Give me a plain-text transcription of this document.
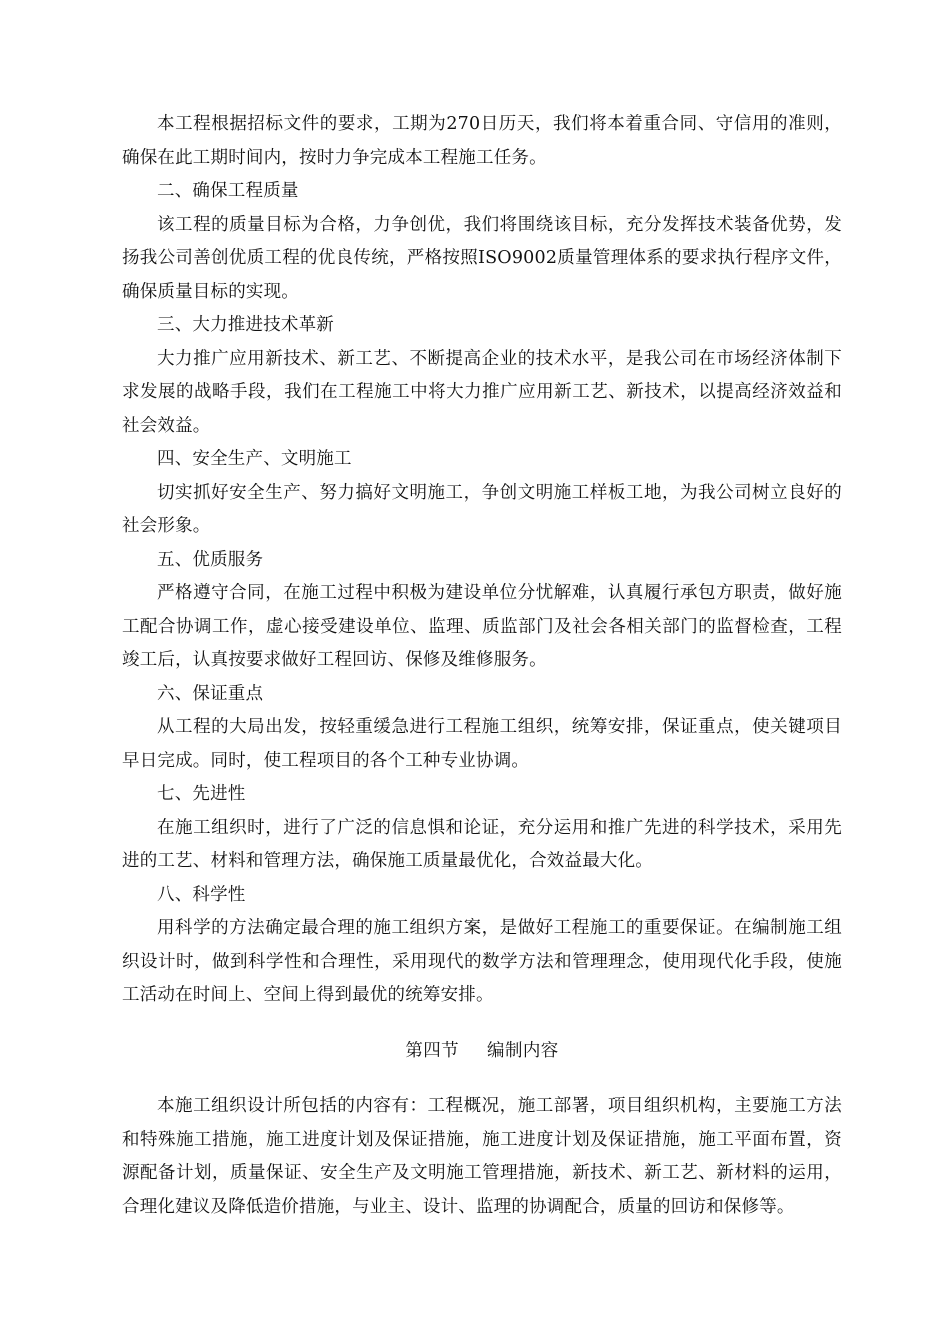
本工程根据招标文件的要求，工期为270日历天，我们将本着重合同、守信用的准则，确保在此工期时间内，按时力争完成本工程施工任务。

二、确保工程质量

该工程的质量目标为合格，力争创优，我们将围绕该目标，充分发挥技术装备优势，发扬我公司善创优质工程的优良传统，严格按照ISO9002质量管理体系的要求执行程序文件，确保质量目标的实现。

三、大力推进技术革新

大力推广应用新技术、新工艺、不断提高企业的技术水平，是我公司在市场经济体制下求发展的战略手段，我们在工程施工中将大力推广应用新工艺、新技术，以提高经济效益和社会效益。

四、安全生产、文明施工

切实抓好安全生产、努力搞好文明施工，争创文明施工样板工地，为我公司树立良好的社会形象。

五、优质服务

严格遵守合同，在施工过程中积极为建设单位分忧解难，认真履行承包方职责，做好施工配合协调工作，虚心接受建设单位、监理、质监部门及社会各相关部门的监督检查，工程竣工后，认真按要求做好工程回访、保修及维修服务。

六、保证重点

从工程的大局出发，按轻重缓急进行工程施工组织，统筹安排，保证重点，使关键项目早日完成。同时，使工程项目的各个工种专业协调。

七、先进性

在施工组织时，进行了广泛的信息惧和论证，充分运用和推广先进的科学技术，采用先进的工艺、材料和管理方法，确保施工质量最优化，合效益最大化。

八、科学性

用科学的方法确定最合理的施工组织方案，是做好工程施工的重要保证。在编制施工组织设计时，做到科学性和合理性，采用现代的数学方法和管理理念，使用现代化手段，使施工活动在时间上、空间上得到最优的统筹安排。

第四节 编制内容

本施工组织设计所包括的内容有：工程概况，施工部署，项目组织机构，主要施工方法和特殊施工措施，施工进度计划及保证措施，施工进度计划及保证措施，施工平面布置，资源配备计划，质量保证、安全生产及文明施工管理措施，新技术、新工艺、新材料的运用，合理化建议及降低造价措施，与业主、设计、监理的协调配合，质量的回访和保修等。
